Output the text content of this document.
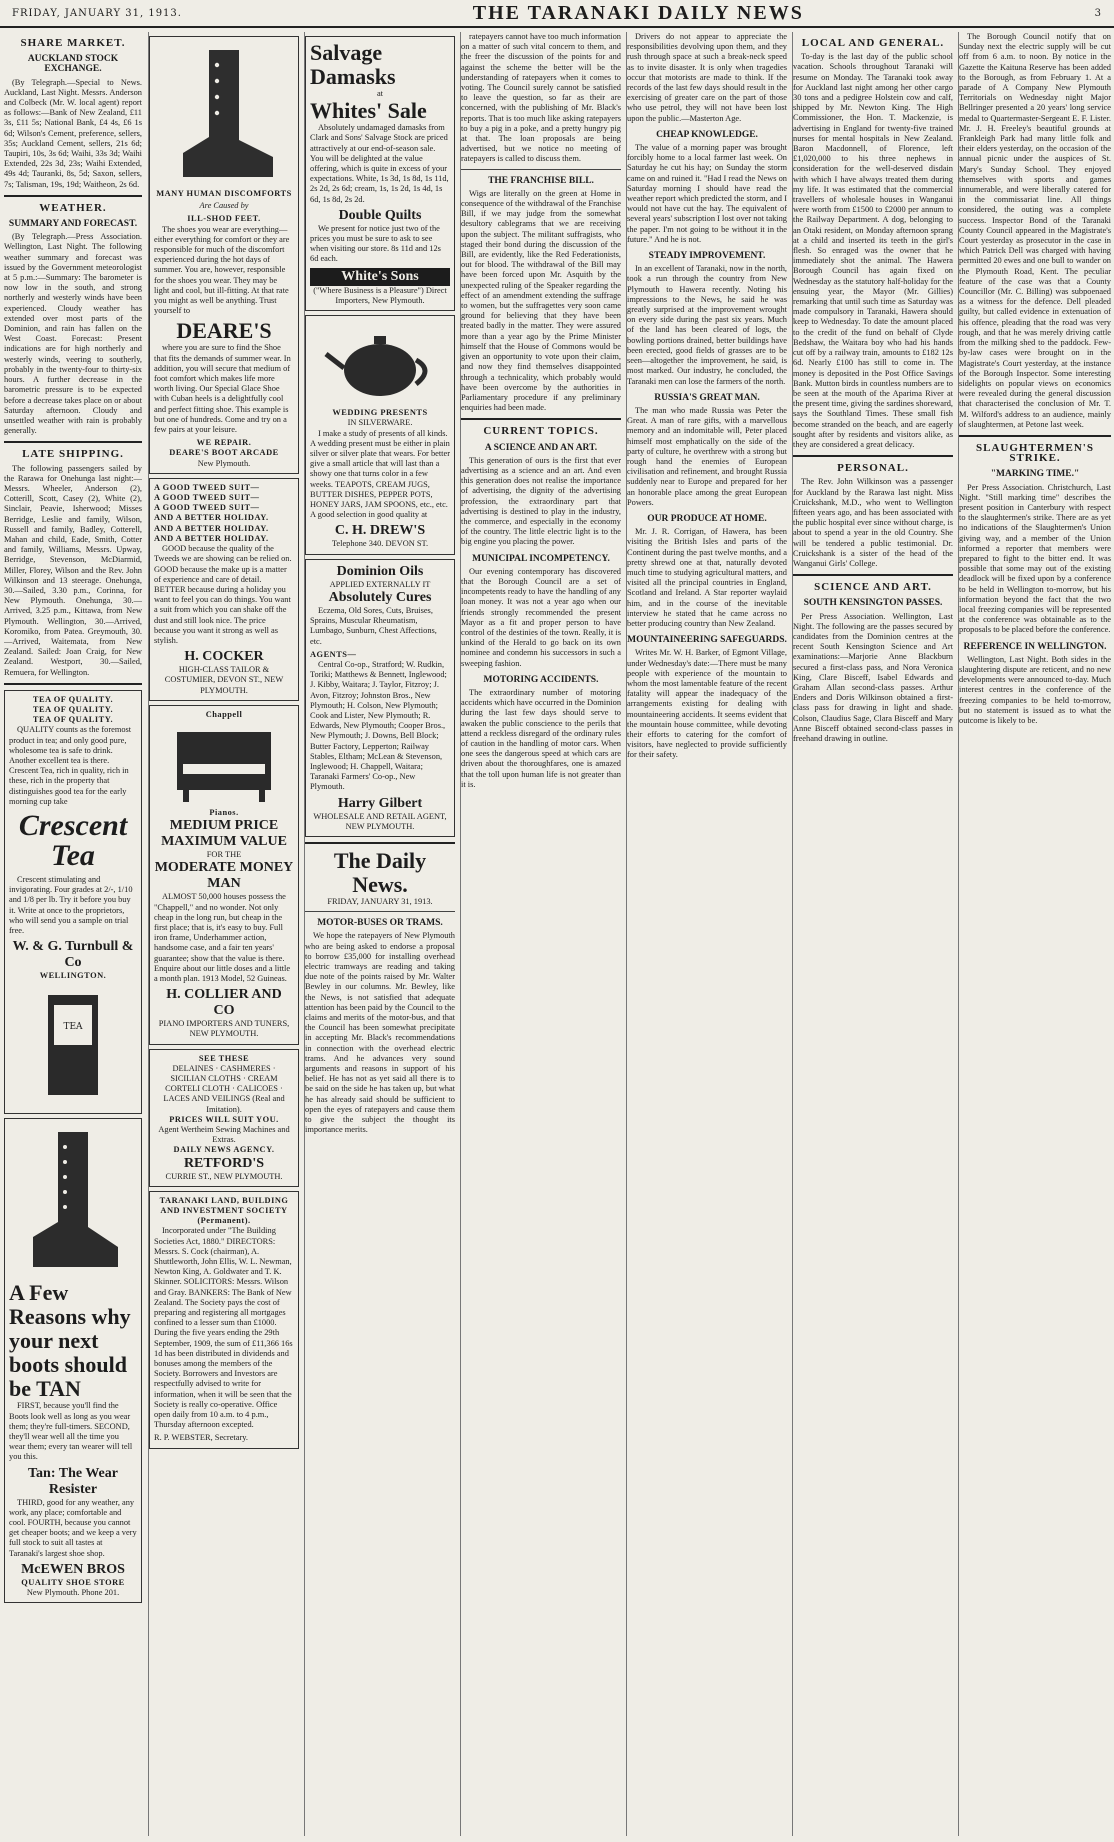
FRIDAY, JANUARY 31, 1913.	THE TARANAKI DAILY NEWS	3
SHARE MARKET.
AUCKLAND STOCK EXCHANGE.

(By Telegraph.—Special to News. Auckland, Last Night. Messrs. Anderson and Colbeck (Mr. W. local agent) report as follows:—Bank of New Zealand, £11 3s, £11 5s; National Bank, £4 4s, £6 1s 6d; Wilson's Cement, preference, sellers, 35s; Auckland Cement, sellers, 21s 6d; Taupiri, 10s, 3s 6d; Waihi, 33s 3d; Waihi Extended, 22s 3d, 23s; Waihi Extended, 49s 4d; Tauranki, 8s, 5d; Saxon, sellers, 7s; Talisman, 19s, 19d; Waitheon, 2s 6d.

WEATHER.
SUMMARY AND FORECAST.

(By Telegraph.—Press Association. Wellington, Last Night. The following weather summary and forecast was issued by the Government meteorologist at 5 p.m.:—Summary: The barometer is now low in the south, and strong northerly and westerly winds have been experienced. Cloudy weather has extended over most parts of the Dominion, and rain has fallen on the West Coast. Forecast: Present indications are for high northerly and westerly winds, veering to southerly, probably in the twenty-four to thirty-six hours. A further decrease in the barometric pressure is to be expected before a decrease takes place on or about Saturday afternoon. Cloudy and unsettled weather with rain is probably generally.

LATE SHIPPING.

The following passengers sailed by the Rarawa for Onehunga last night:—Messrs. Wheeler, Anderson (2), Cotterill, Scott, Casey (2), White (2), Sinclair, Peavie, Isherwood; Misses Berridge, Leslie and family, Wilson, Russell and family, Badley, Cotterell, Mahan and child, Eade, Smith, Cotter and family, Williams, Messrs. Upway, Berridge, Stevenson, McDiarmid, Miller, Florey, Wilson and the Rev. John Wilkinson and 13 steerage. Onehunga, 30.—Sailed, 3.30 p.m., Corinna, for New Plymouth. Onehunga, 30.—Arrived, 3.25 p.m., Kittawa, from New Plymouth. Wellington, 30.—Arrived, Koromiko, from Patea. Greymouth, 30.—Arrived, Waitemata, from New Zealand. Sailed: Joan Craig, for New Zealand. Westport, 30.—Sailed, Remuera, for Wellington.

TEA OF QUALITY.
TEA OF QUALITY.
TEA OF QUALITY.

QUALITY counts as the foremost product in tea; and only good pure, wholesome tea is safe to drink. Another excellent tea is there. Crescent Tea, rich in quality, rich in these, rich in the property that distinguishes good tea for the early morning cup take

Crescent Tea

Crescent stimulating and invigorating. Four grades at 2/-, 1/10 and 1/8 per lb. Try it before you buy it. Write at once to the proprietors, who will send you a sample on trial free.

W. & G. Turnbull & Co
WELLINGTON.
TEA
A Few Reasons why your next boots should be TAN

FIRST, because you'll find the Boots look well as long as you wear them; they're full-timers. SECOND, they'll wear well all the time you wear them; every tan wearer will tell you this.

Tan: The Wear Resister

THIRD, good for any weather, any work, any place; comfortable and cool. FOURTH, because you cannot get cheaper boots; and we keep a very full stock to suit all tastes at Taranaki's largest shoe shop.

McEWEN BROS
QUALITY SHOE STORE
New Plymouth. Phone 201.
MANY HUMAN DISCOMFORTS
Are Caused by
ILL-SHOD FEET.

The shoes you wear are everything—either everything for comfort or they are responsible for much of the discomfort experienced during the hot days of summer. You are, however, responsible for the shoes you wear. They may be light and cool, but ill-fitting. At that rate you might as well be anything. Trust yourself to

DEARE'S

where you are sure to find the Shoe that fits the demands of summer wear. In addition, you will secure that medium of foot comfort which makes life more worth living. Our Special Glace Shoe with Cuban heels is a delightfully cool and perfect fitting shoe. This example is but one of hundreds. Come and try on a few pairs at your leisure.

WE REPAIR.
DEARE'S BOOT ARCADE
New Plymouth.
A GOOD TWEED SUIT—
A GOOD TWEED SUIT—
A GOOD TWEED SUIT—
AND A BETTER HOLIDAY.
AND A BETTER HOLIDAY.
AND A BETTER HOLIDAY.

GOOD because the quality of the Tweeds we are showing can be relied on. GOOD because the make up is a matter of experience and care of detail. BETTER because during a holiday you want to feel you can do things. You want a suit from which you can shake off the dust and still look nice. The price because you want it strong as well as stylish.

H. COCKER
HIGH-CLASS TAILOR & COSTUMIER, DEVON ST., NEW PLYMOUTH.
Chappell
Pianos.
MEDIUM PRICE MAXIMUM VALUE
FOR THE
MODERATE MONEY MAN

ALMOST 50,000 houses possess the "Chappell," and no wonder. Not only cheap in the long run, but cheap in the first place; that is, it's easy to buy. Full iron frame, Underhammer action, handsome case, and a fair ten years' guarantee; show that the value is there. Enquire about our little doses and a little a month plan. 1913 Model, 52 Guineas.

H. COLLIER AND CO
PIANO IMPORTERS AND TUNERS, NEW PLYMOUTH.
SEE THESE
DELAINES · CASHMERES · SICILIAN CLOTHS · CREAM CORTELI CLOTH · CALICOES · LACES AND VEILINGS (Real and Imitation).
PRICES WILL SUIT YOU.
Agent Wertheim Sewing Machines and Extras.
DAILY NEWS AGENCY.
RETFORD'S
CURRIE ST., NEW PLYMOUTH.
TARANAKI LAND, BUILDING AND INVESTMENT SOCIETY (Permanent).

Incorporated under "The Building Societies Act, 1880." DIRECTORS: Messrs. S. Cock (chairman), A. Shuttleworth, John Ellis, W. L. Newman, Newton King, A. Goldwater and T. K. Skinner. SOLICITORS: Messrs. Wilson and Gray. BANKERS: The Bank of New Zealand. The Society pays the cost of preparing and registering all mortgages confined to a lesser sum than £1000. During the five years ending the 29th September, 1909, the sum of £11,366 16s 1d has been distributed in dividends and bonuses among the members of the Society. Borrowers and Investors are respectfully advised to write for information, when it will be seen that the Society is really co-operative. Office open daily from 10 a.m. to 4 p.m., Thursday afternoon excepted.

R. P. WEBSTER, Secretary.
Salvage Damasks
at
Whites' Sale

Absolutely undamaged damasks from Clark and Sons' Salvage Stock are priced attractively at our end-of-season sale. You will be delighted at the value offering, which is quite in excess of your expectations. White, 1s 3d, 1s 8d, 1s 11d, 2s 2d, 2s 6d; cream, 1s, 1s 2d, 1s 4d, 1s 6d, 1s 8d, 2s 2d.

Double Quilts

We present for notice just two of the prices you must be sure to ask to see when visiting our store. 8s 11d and 12s 6d each.

White's Sons
("Where Business is a Pleasure") Direct Importers, New Plymouth.
WEDDING PRESENTS
IN SILVERWARE.

I make a study of presents of all kinds. A wedding present must be either in plain silver or silver plate that wears. For better give a small article that will last than a showy one that turns color in a few weeks. TEAPOTS, CREAM JUGS, BUTTER DISHES, PEPPER POTS, HONEY JARS, JAM SPOONS, etc., etc. A good selection in good quality at

C. H. DREW'S
Telephone 340. DEVON ST.
Dominion Oils
APPLIED EXTERNALLY IT
Absolutely Cures

Eczema, Old Sores, Cuts, Bruises, Sprains, Muscular Rheumatism, Lumbago, Sunburn, Chest Affections, etc.

AGENTS—

Central Co-op., Stratford; W. Rudkin, Toriki; Matthews & Bennett, Inglewood; J. Kibby, Waitara; J. Taylor, Fitzroy; J. Avon, Fitzroy; Johnston Bros., New Plymouth; H. Colson, New Plymouth; Cook and Lister, New Plymouth; R. Edwards, New Plymouth; Cooper Bros., New Plymouth; J. Downs, Bell Block; Butter Factory, Lepperton; Railway Stables, Eltham; McLean & Stevenson, Inglewood; H. Chappell, Waitara; Taranaki Farmers' Co-op., New Plymouth.

Harry Gilbert
WHOLESALE AND RETAIL AGENT, NEW PLYMOUTH.
The Daily News.
FRIDAY, JANUARY 31, 1913.
MOTOR-BUSES OR TRAMS.

We hope the ratepayers of New Plymouth who are being asked to endorse a proposal to borrow £35,000 for installing overhead electric tramways are reading and taking due note of the points raised by Mr. Walter Bewley in our columns. Mr. Bewley, like the News, is not satisfied that adequate attention has been paid by the Council to the claims and merits of the motor-bus, and that the Council has been somewhat precipitate in accepting Mr. Black's recommendations in connection with the overhead electric trams. And he advances very sound arguments and reasons in support of his belief. He has not as yet said all there is to be said on the side he has taken up, but what he has already said should be sufficient to open the eyes of ratepayers and cause them to give the subject the thought its importance merits.

ratepayers cannot have too much information on a matter of such vital concern to them, and the freer the discussion of the points for and against the scheme the better will be the understanding of ratepayers when it comes to voting. The Council surely cannot be satisfied to leave the question, so far as their are concerned, with the publishing of Mr. Black's reports. That is too much like asking ratepayers to buy a pig in a poke, and a pretty hungry pig at that. The loan proposals are being advertised, but we notice no meeting of ratepayers is called to discuss them.

THE FRANCHISE BILL.

Wigs are literally on the green at Home in consequence of the withdrawal of the Franchise Bill, if we may judge from the somewhat desultory cablegrams that we are receiving upon the subject. The militant suffragists, who staged their bond during the discussion of the Bill, are evidently, like the Red Federationists, out for blood. The withdrawal of the Bill may have been forced upon Mr. Asquith by the unexpected ruling of the Speaker regarding the effect of an amendment extending the suffrage to women, but the suffragettes very soon came ground for believing that they have been treated badly in the matter. They were assured more than a year ago by the Prime Minister himself that the House of Commons would be given an opportunity to vote upon their claim, and now they find themselves disappointed through a technicality, which probably would have been overcome by the authorities in Parliamentary procedure if any preliminary enquiries had been made.

CURRENT TOPICS.
A SCIENCE AND AN ART.

This generation of ours is the first that ever advertising as a science and an art. And even this generation does not realise the importance of advertising, the dignity of the advertising profession, the extraordinary part that advertising is destined to play in the industry, the commerce, and especially in the economy of the country. The little electric light is to the big engine you placing the power.

MUNICIPAL INCOMPETENCY.

Our evening contemporary has discovered that the Borough Council are a set of incompetents ready to have the handling of any loan money. It was not a year ago when our friends strongly recommended the present Mayor as a fit and proper person to have control of the destinies of the town. Really, it is unkind of the Herald to go back on its own nominee and condemn his successors in such a sweeping fashion.

MOTORING ACCIDENTS.

The extraordinary number of motoring accidents which have occurred in the Dominion during the last few days should serve to awaken the public conscience to the perils that attend a reckless disregard of the ordinary rules of caution in the handling of motor cars. When one sees the dangerous speed at which cars are driven about the thoroughfares, one is amazed that the toll upon human life is not greater than it is.

Drivers do not appear to appreciate the responsibilities devolving upon them, and they rush through space at such a break-neck speed as to invite disaster. It is only when tragedies occur that motorists are made to think. If the records of the last few days should result in the exercising of greater care on the part of those who use petrol, they will not have been lost upon the public.—Masterton Age.

CHEAP KNOWLEDGE.

The value of a morning paper was brought forcibly home to a local farmer last week. On Saturday he cut his hay; on Sunday the storm came on and ruined it. "Had I read the News on Saturday morning I should have read the weather report which predicted the storm, and I would not have cut the hay. The equivalent of several years' subscription I lost over not taking the paper. I'm not going to be without it in the future." And he is not.

STEADY IMPROVEMENT.

In an excellent of Taranaki, now in the north, took a run through the country from New Plymouth to Hawera recently. Noting his impressions to the News, he said he was greatly surprised at the improvement wrought on every side during the past six years. Much of the land has been cleared of logs, the bowling portions drained, better buildings have been erected, good fields of grasses are to be seen—altogether the improvement, he said, is most marked. Our industry, he concluded, the Taranaki men can lose the farmers of the north.

RUSSIA'S GREAT MAN.

The man who made Russia was Peter the Great. A man of rare gifts, with a marvellous memory and an indomitable will, Peter placed himself most emphatically on the side of the party of culture, he overthrew with a strong but rough hand the enemies of European civilisation and refinement, and brought Russia suddenly near to Europe and prepared for her an honorable place among the great European Powers.

OUR PRODUCE AT HOME.

Mr. J. R. Corrigan, of Hawera, has been visiting the British Isles and parts of the Continent during the past twelve months, and a pretty shrewd one at that, naturally devoted much time to studying agricultural matters, and visited all the principal countries in England, Scotland and Ireland. A Star reporter waylaid him, and in the course of the inevitable interview he stated that he came across no better producing country than New Zealand.

MOUNTAINEERING SAFEGUARDS.

Writes Mr. W. H. Barker, of Egmont Village, under Wednesday's date:—There must be many people with experience of the mountain to whom the most lamentable feature of the recent fatality will appear the inadequacy of the arrangements existing for dealing with mountaineering accidents. It seems evident that the mountain house committee, while devoting their efforts to catering for the comfort of visitors, have neglected to provide sufficiently for their safety.

LOCAL AND GENERAL.

To-day is the last day of the public school vacation. Schools throughout Taranaki will resume on Monday. The Taranaki took away for Auckland last night among her other cargo 30 tons and a pedigree Holstein cow and calf, shipped by Mr. Newton King. The High Commissioner, the Hon. T. Mackenzie, is advertising in England for twenty-five trained nurses for mental hospitals in New Zealand. Baron Macdonnell, of Florence, left £1,020,000 to his three nephews in consideration for the well-deserved disdain with which I have always treated them during my life. It was estimated that the commercial travellers of wholesale houses in Wanganui were worth from £1500 to £2000 per annum to the Railway Department. A dog, belonging to an Otaki resident, on Monday afternoon sprang at a child and inserted its teeth in the girl's flesh. So enraged was the owner that he immediately shot the animal. The Hawera Borough Council has again fixed on Wednesday as the statutory half-holiday for the ensuing year, the Mayor (Mr. Gillies) remarking that until such time as Saturday was made compulsory in Taranaki, Hawera should keep to Wednesday. To date the amount placed to the credit of the fund on behalf of Clyde Bedshaw, the Waitara boy who had his hands cut off by a railway train, amounts to £182 12s 6d. Nearly £100 has still to come in. The money is deposited in the Post Office Savings Bank. Mutton birds in countless numbers are to be seen at the mouth of the Aparima River at the present time, giving the sardines shoreward, says the Southland Times. These small fish become stranded on the beach, and are eagerly sought after by residents and visitors alike, as they are considered a great delicacy.

PERSONAL.

The Rev. John Wilkinson was a passenger for Auckland by the Rarawa last night. Miss Cruickshank, M.D., who went to Wellington fifteen years ago, and has been associated with the public hospital ever since without charge, is about to spend a year in the old Country. She will be tendered a public testimonial. Dr. Cruickshank is a sister of the head of the Wanganui Girls' College.

SCIENCE AND ART.
SOUTH KENSINGTON PASSES.

Per Press Association. Wellington, Last Night. The following are the passes secured by candidates from the Dominion centres at the recent South Kensington Science and Art examinations:—Marjorie Anne Blackburn secured a first-class pass, and Nora Veronica King, Clare Bisceff, Isabel Edwards and Graham Allan second-class passes. Arthur Enders and Doris Wilkinson obtained a first-class pass for drawing in light and shade. Colson, Claudius Sage, Clara Bisceff and Mary Anne Bisceff obtained second-class passes in freehand drawing in outline.

The Borough Council notify that on Sunday next the electric supply will be cut off from 6 a.m. to noon. By notice in the Gazette the Kaituna Reserve has been added to the Borough, as from February 1. At a parade of A Company New Plymouth Territorials on Wednesday night Major Bellringer presented a 20 years' long service medal to Quartermaster-Sergeant E. F. Lister. Mr. J. H. Freeley's beautiful grounds at Frankleigh Park had many little folk and their elders yesterday, on the occasion of the annual picnic under the auspices of St. Mary's Sunday School. They enjoyed themselves with sports and games innumerable, and were liberally catered for in the commissariat line. All things considered, the outing was a complete success. Inspector Bond of the Taranaki County Council appeared in the Magistrate's Court yesterday as prosecutor in the case in which Patrick Dell was charged with having permitted 20 ewes and one bull to wander on the Plymouth Road, Kent. The peculiar feature of the case was that a County Councillor (Mr. C. Billing) was subpoenaed as a witness for the defence. Dell pleaded guilty, but called evidence in extenuation of his offence, pleading that the road was very rough, and that he was merely driving cattle from the milking shed to the paddock. Few-by-law cases were brought on in the Magistrate's Court yesterday, at the instance of the Borough Inspector. Some interesting sidelights on popular views on economics were revealed during the general discussion that characterised the conclusion of Mr. T. M. Wilford's address to an audience, mainly of slaughtermen, at Petone last week.

SLAUGHTERMEN'S STRIKE.
"MARKING TIME."

Per Press Association. Christchurch, Last Night. "Still marking time" describes the present position in Canterbury with respect to the slaughtermen's strike. There are as yet no indications of the Slaughtermen's Union giving way, and a member of the Union informed a reporter that members were prepared to fight to the bitter end. It was possible that some may out of the existing deadlock will be fixed upon by a conference to be held in Wellington to-morrow, but his information beyond the fact that the two local freezing companies will be represented at the conference was obtainable as to the proposals to be placed before the conference.

REFERENCE IN WELLINGTON.

Wellington, Last Night. Both sides in the slaughtering dispute are reticent, and no new developments were announced to-day. Much interest centres in the conference of the freezing companies to be held to-morrow, but no statement is issued as to what the outcome is likely to be.
